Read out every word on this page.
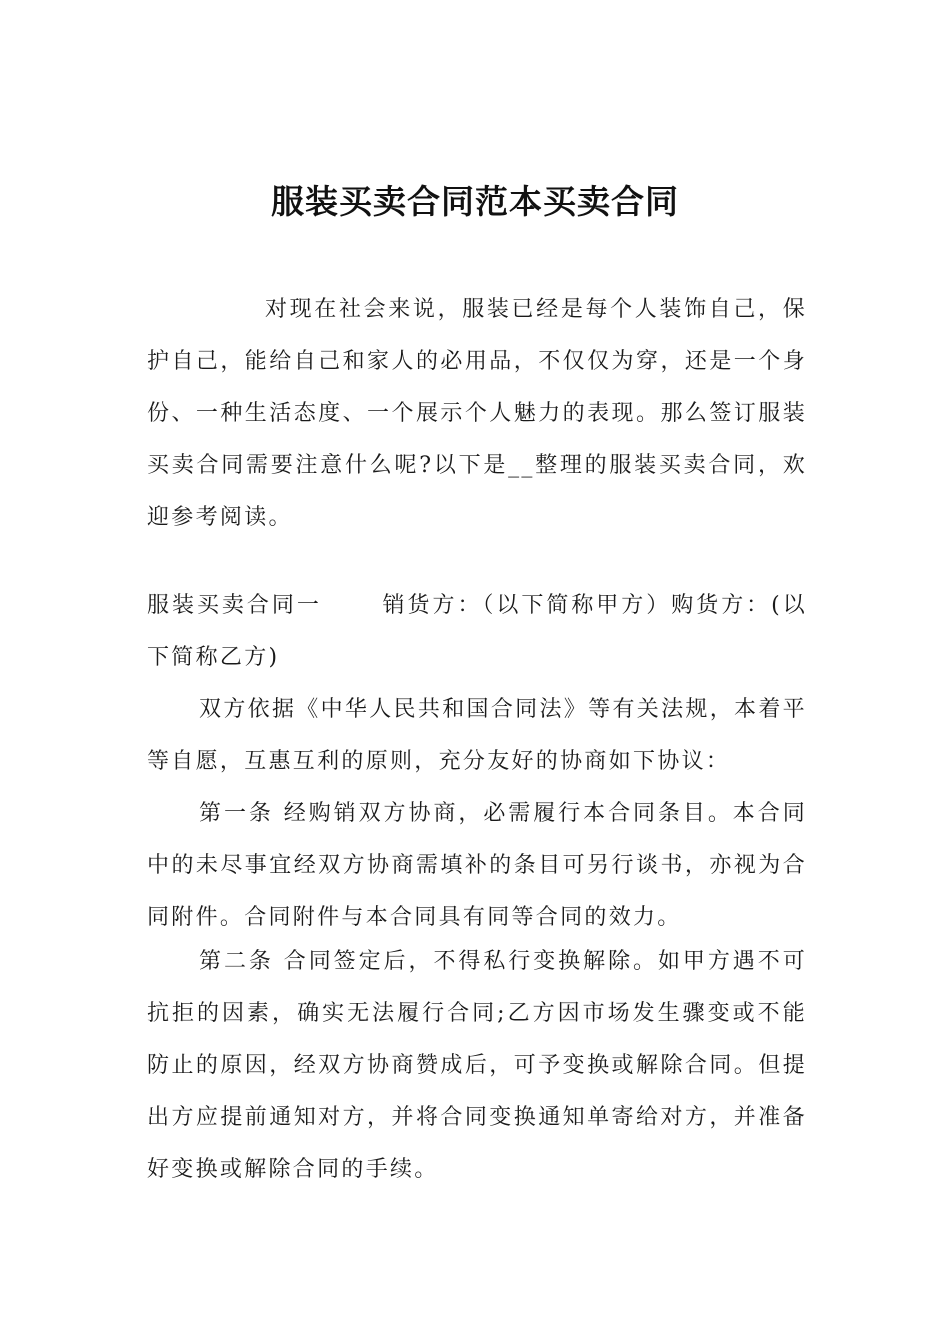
服装买卖合同范本买卖合同

对现在社会来说，服装已经是每个人装饰自己，保护自己，能给自己和家人的必用品，不仅仅为穿，还是一个身份、一种生活态度、一个展示个人魅力的表现。那么签订服装买卖合同需要注意什么呢?以下是__整理的服装买卖合同，欢迎参考阅读。

服装买卖合同一	销货方：（以下简称甲方）购货方：(以下简称乙方)

双方依据《中华人民共和国合同法》等有关法规，本着平等自愿，互惠互利的原则，充分友好的协商如下协议：

第一条 经购销双方协商，必需履行本合同条目。本合同中的未尽事宜经双方协商需填补的条目可另行谈书，亦视为合同附件。合同附件与本合同具有同等合同的效力。

第二条 合同签定后，不得私行变换解除。如甲方遇不可抗拒的因素，确实无法履行合同;乙方因市场发生骤变或不能防止的原因，经双方协商赞成后，可予变换或解除合同。但提出方应提前通知对方，并将合同变换通知单寄给对方，并准备好变换或解除合同的手续。
